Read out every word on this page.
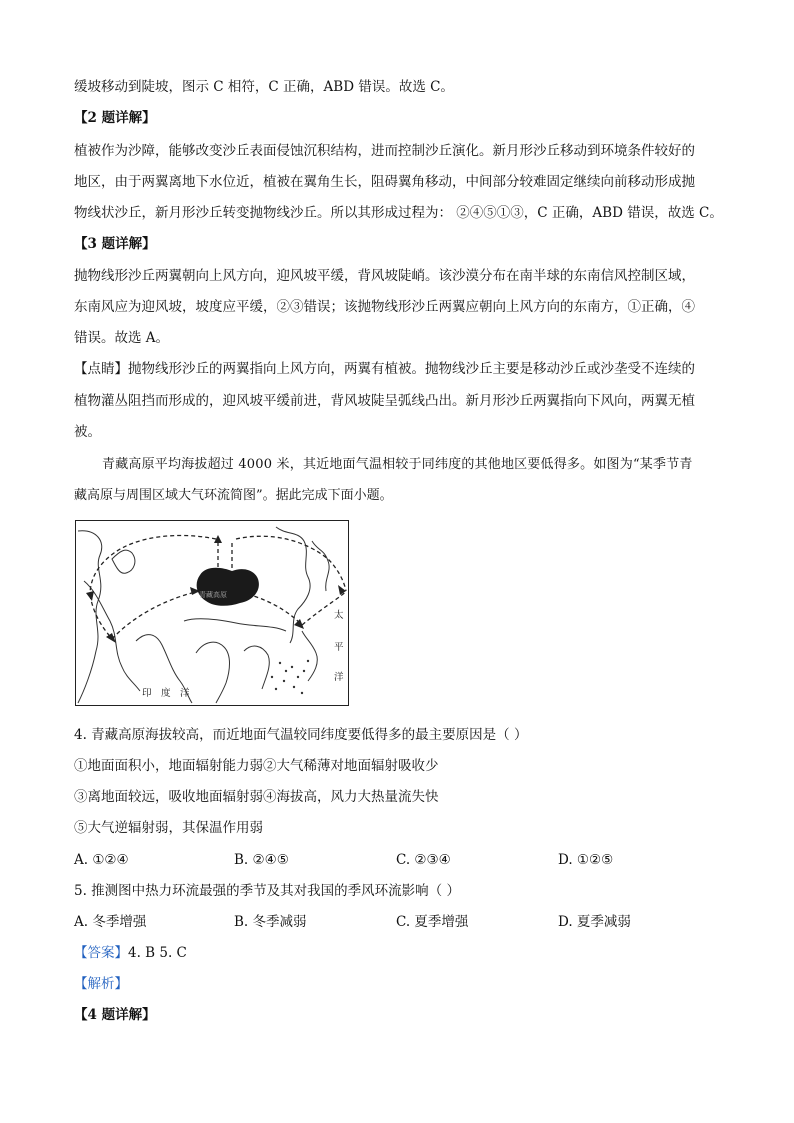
缓坡移动到陡坡，图示 C 相符，C 正确，ABD 错误。故选 C。
【2 题详解】
植被作为沙障，能够改变沙丘表面侵蚀沉积结构，进而控制沙丘演化。新月形沙丘移动到环境条件较好的
地区，由于两翼离地下水位近，植被在翼角生长，阻碍翼角移动，中间部分较难固定继续向前移动形成抛
物线状沙丘，新月形沙丘转变抛物线沙丘。所以其形成过程为： ②④⑤①③，C 正确，ABD 错误，故选 C。
【3 题详解】
抛物线形沙丘两翼朝向上风方向，迎风坡平缓，背风坡陡峭。该沙漠分布在南半球的东南信风控制区域，
东南风应为迎风坡，坡度应平缓，②③错误；该抛物线形沙丘两翼应朝向上风方向的东南方，①正确，④
错误。故选 A。
【点睛】抛物线形沙丘的两翼指向上风方向，两翼有植被。抛物线沙丘主要是移动沙丘或沙垄受不连续的
植物灌丛阻挡而形成的，迎风坡平缓前进，背风坡陡呈弧线凸出。新月形沙丘两翼指向下风向，两翼无植
被。
青藏高原平均海拔超过 4000 米，其近地面气温相较于同纬度的其他地区要低得多。如图为“某季节青
藏高原与周围区域大气环流简图”。据此完成下面小题。
青藏高原
印　度　洋
太
平
洋
4. 青藏高原海拔较高，而近地面气温较同纬度要低得多的最主要原因是（ ）
①地面面积小，地面辐射能力弱②大气稀薄对地面辐射吸收少
③离地面较远，吸收地面辐射弱④海拔高，风力大热量流失快
⑤大气逆辐射弱，其保温作用弱
A. ①②④	B. ②④⑤	C. ②③④	D. ①②⑤
5. 推测图中热力环流最强的季节及其对我国的季风环流影响（ ）
A. 冬季增强	B. 冬季减弱	C. 夏季增强	D. 夏季减弱
【答案】4. B 5. C
【解析】
【4 题详解】
